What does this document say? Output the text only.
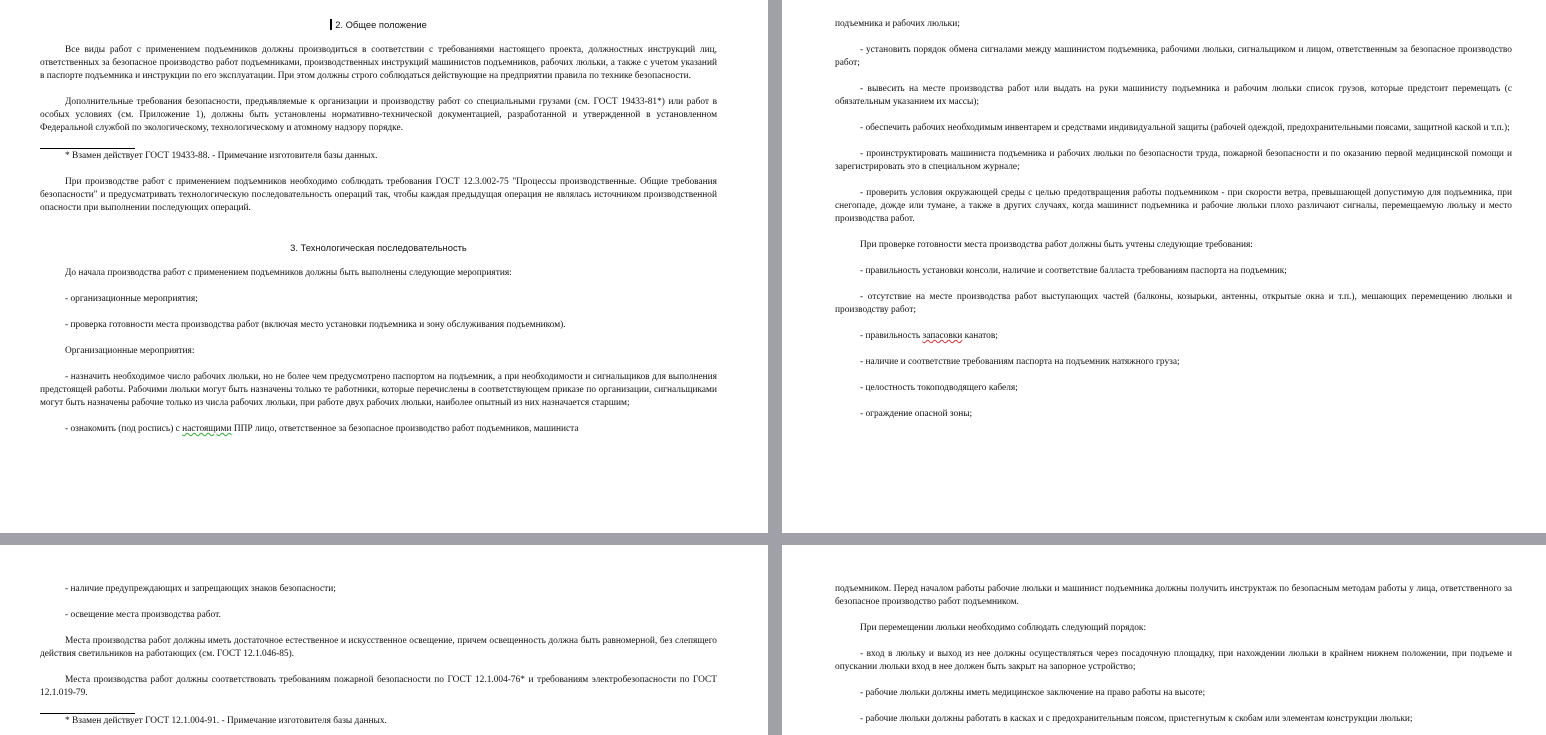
2. Общее положение

Все виды работ с применением подъемников должны производиться в соответствии с требованиями настоящего проекта, должностных инструкций лиц, ответственных за безопасное производство работ подъемниками, производственных инструкций машинистов подъемников, рабочих люльки, а также с учетом указаний в паспорте подъемника и инструкции по его эксплуатации. При этом должны строго соблюдаться действующие на предприятии правила по технике безопасности.

Дополнительные требования безопасности, предъявляемые к организации и производству работ со специальными грузами (см. ГОСТ 19433-81*) или работ в особых условиях (см. Приложение 1), должны быть установлены нормативно-технической документацией, разработанной и утвержденной в установленном Федеральной службой по экологическому, технологическому и атомному надзору порядке.

* Взамен действует ГОСТ 19433-88. - Примечание изготовителя базы данных.

При производстве работ с применением подъемников необходимо соблюдать требования ГОСТ 12.3.002-75 "Процессы производственные. Общие требования безопасности" и предусматривать технологическую последовательность операций так, чтобы каждая предыдущая операция не являлась источником производственной опасности при выполнении последующих операций.

3. Технологическая последовательность

До начала производства работ с применением подъемников должны быть выполнены следующие мероприятия:

- организационные мероприятия;

- проверка готовности места производства работ (включая место установки подъемника и зону обслуживания подъемником).

Организационные мероприятия:

- назначить необходимое число рабочих люльки, но не более чем предусмотрено паспортом на подъемник, а при необходимости и сигнальщиков для выполнения предстоящей работы. Рабочими люльки могут быть назначены только те работники, которые перечислены в соответствующем приказе по организации, сигнальщиками могут быть назначены рабочие только из числа рабочих люльки, при работе двух рабочих люльки, наиболее опытный из них назначается старшим;

- ознакомить (под роспись) с настоящими ППР лицо, ответственное за безопасное производство работ подъемников, машиниста

подъемника и рабочих люльки;

- установить порядок обмена сигналами между машинистом подъемника, рабочими люльки, сигнальщиком и лицом, ответственным за безопасное производство работ;

- вывесить на месте производства работ или выдать на руки машинисту подъемника и рабочим люльки список грузов, которые предстоит перемещать (с обязательным указанием их массы);

- обеспечить рабочих необходимым инвентарем и средствами индивидуальной защиты (рабочей одеждой, предохранительными поясами, защитной каской и т.п.);

- проинструктировать машиниста подъемника и рабочих люльки по безопасности труда, пожарной безопасности и по оказанию первой медицинской помощи и зарегистрировать это в специальном журнале;

- проверить условия окружающей среды с целью предотвращения работы подъемником - при скорости ветра, превышающей допустимую для подъемника, при снегопаде, дожде или тумане, а также в других случаях, когда машинист подъемника и рабочие люльки плохо различают сигналы, перемещаемую люльку и место производства работ.

При проверке готовности места производства работ должны быть учтены следующие требования:

- правильность установки консоли, наличие и соответствие балласта требованиям паспорта на подъемник;

- отсутствие на месте производства работ выступающих частей (балконы, козырьки, антенны, открытые окна и т.п.), мешающих перемещению люльки и производству работ;

- правильность запасовки канатов;

- наличие и соответствие требованиям паспорта на подъемник натяжного груза;

- целостность токоподводящего кабеля;

- ограждение опасной зоны;

- наличие предупреждающих и запрещающих знаков безопасности;

- освещение места производства работ.

Места производства работ должны иметь достаточное естественное и искусственное освещение, причем освещенность должна быть равномерной, без слепящего действия светильников на работающих (см. ГОСТ 12.1.046-85).

Места производства работ должны соответствовать требованиям пожарной безопасности по ГОСТ 12.1.004-76* и требованиям электробезопасности по ГОСТ 12.1.019-79.

* Взамен действует ГОСТ 12.1.004-91. - Примечание изготовителя базы данных.

подъемником. Перед началом работы рабочие люльки и машинист подъемника должны получить инструктаж по безопасным методам работы у лица, ответственного за безопасное производство работ подъемником.

При перемещении люльки необходимо соблюдать следующий порядок:

- вход в люльку и выход из нее должны осуществляться через посадочную площадку, при нахождении люльки в крайнем нижнем положении, при подъеме и опускании люльки вход в нее должен быть закрыт на запорное устройство;

- рабочие люльки должны иметь медицинское заключение на право работы на высоте;

- рабочие люльки должны работать в касках и с предохранительным поясом, пристегнутым к скобам или элементам конструкции люльки;
